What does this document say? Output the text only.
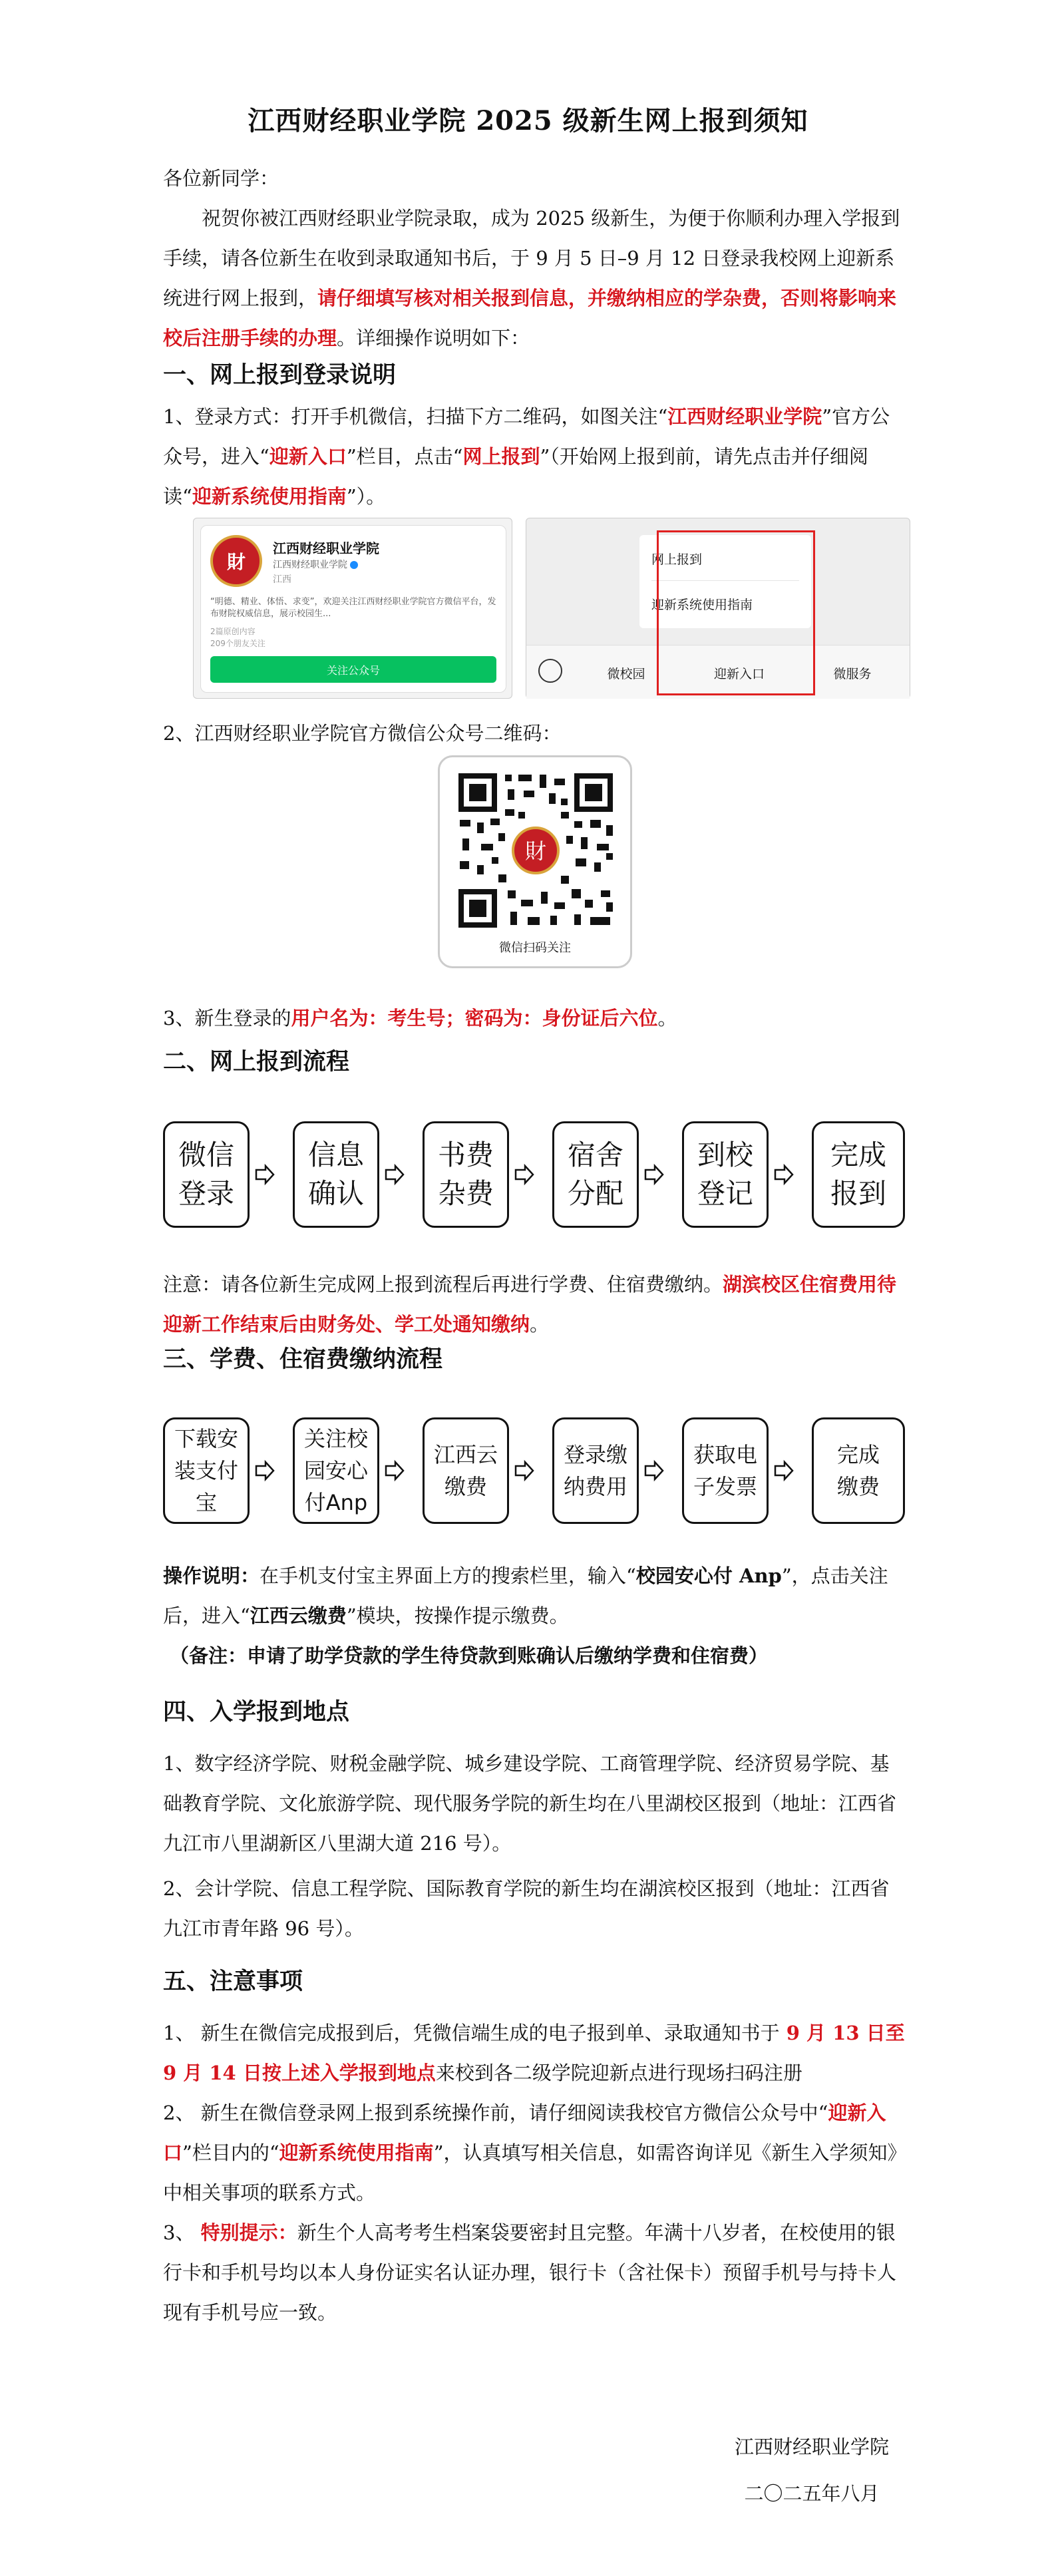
江西财经职业学院 2025 级新生网上报到须知
各位新同学：
祝贺你被江西财经职业学院录取，成为 2025 级新生，为便于你顺利办理入学报到手续，请各位新生在收到录取通知书后，于 9 月 5 日–9 月 12 日登录我校网上迎新系统进行网上报到，请仔细填写核对相关报到信息，并缴纳相应的学杂费，否则将影响来校后注册手续的办理。详细操作说明如下：
一、网上报到登录说明
1、登录方式：打开手机微信，扫描下方二维码，如图关注“江西财经职业学院”官方公众号，进入“迎新入口”栏目，点击“网上报到”（开始网上报到前，请先点击并仔细阅读“迎新系统使用指南”）。
財
江西财经职业学院
江西财经职业学院
江西
“明德、精业、体悟、求变”，欢迎关注江西财经职业学院官方微信平台，发布财院权威信息，展示校园生...
2篇原创内容
209个朋友关注
关注公众号
网上报到
迎新系统使用指南
微校园	迎新入口	微服务
2、江西财经职业学院官方微信公众号二维码：
財
微信扫码关注
3、新生登录的用户名为：考生号；密码为：身份证后六位。
二、网上报到流程
微信
登录
信息
确认
书费
杂费
宿舍
分配
到校
登记
完成
报到
注意：请各位新生完成网上报到流程后再进行学费、住宿费缴纳。湖滨校区住宿费用待迎新工作结束后由财务处、学工处通知缴纳。
三、学费、住宿费缴纳流程
下载安
装支付
宝
关注校
园安心
付Anp
江西云
缴费
登录缴
纳费用
获取电
子发票
完成
缴费
操作说明：在手机支付宝主界面上方的搜索栏里，输入“校园安心付 Anp”，点击关注后，进入“江西云缴费”模块，按操作提示缴费。
（备注：申请了助学贷款的学生待贷款到账确认后缴纳学费和住宿费）
四、入学报到地点
1、数字经济学院、财税金融学院、城乡建设学院、工商管理学院、经济贸易学院、基础教育学院、文化旅游学院、现代服务学院的新生均在八里湖校区报到（地址：江西省九江市八里湖新区八里湖大道 216 号）。
2、会计学院、信息工程学院、国际教育学院的新生均在湖滨校区报到（地址：江西省九江市青年路 96 号）。
五、注意事项
1、 新生在微信完成报到后，凭微信端生成的电子报到单、录取通知书于 9 月 13 日至 9 月 14 日按上述入学报到地点来校到各二级学院迎新点进行现场扫码注册
2、 新生在微信登录网上报到系统操作前，请仔细阅读我校官方微信公众号中“迎新入口”栏目内的“迎新系统使用指南”，认真填写相关信息，如需咨询详见《新生入学须知》中相关事项的联系方式。
3、 特别提示：新生个人高考考生档案袋要密封且完整。年满十八岁者，在校使用的银行卡和手机号均以本人身份证实名认证办理，银行卡（含社保卡）预留手机号与持卡人现有手机号应一致。
江西财经职业学院
二〇二五年八月
